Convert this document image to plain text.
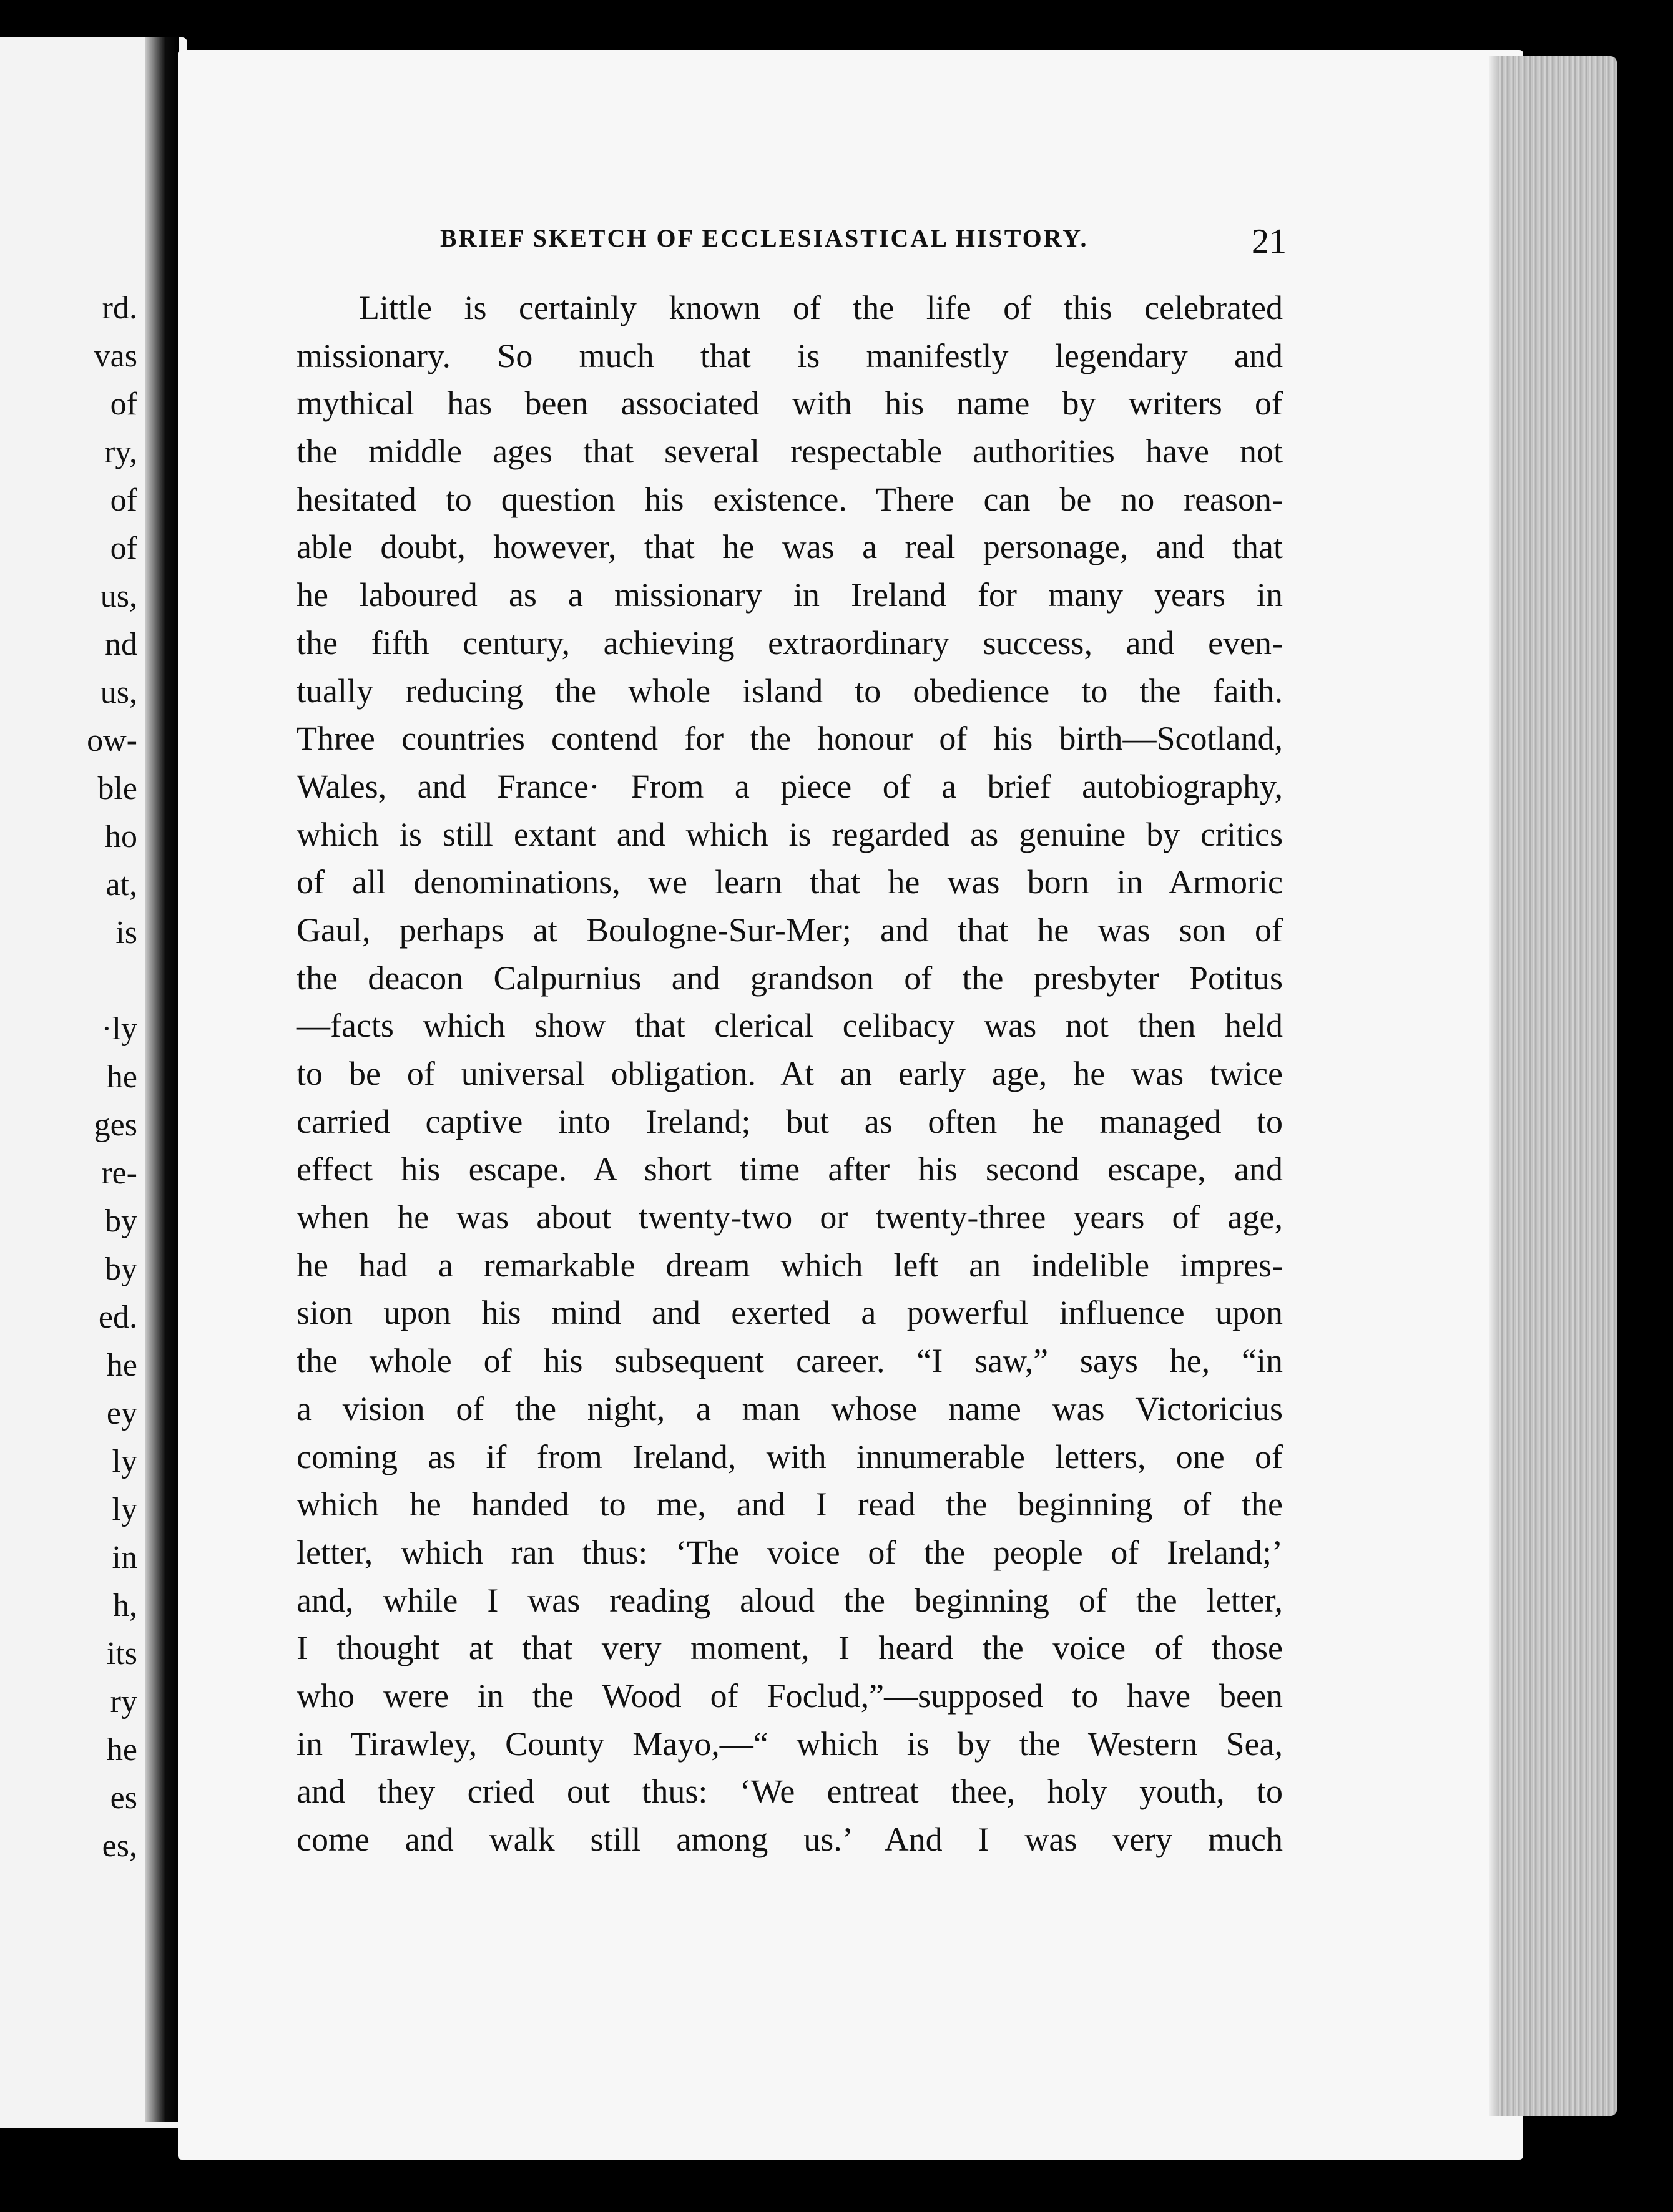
rd.
vas
of
ry,
of
of
us,
nd
us,
ow-
ble
ho
at,
is
·ly
he
ges
re-
by
by
ed.
he
ey
ly
ly
in
h,
its
ry
he
es
es,
BRIEF SKETCH OF ECCLESIASTICAL HISTORY.	21
Little is certainly known of the life of this celebrated
missionary. So much that is manifestly legendary and
mythical has been associated with his name by writers of
the middle ages that several respectable authorities have not
hesitated to question his existence. There can be no reason-
able doubt, however, that he was a real personage, and that
he laboured as a missionary in Ireland for many years in
the fifth century, achieving extraordinary success, and even-
tually reducing the whole island to obedience to the faith.
Three countries contend for the honour of his birth—Scotland,
Wales, and France· From a piece of a brief autobiography,
which is still extant and which is regarded as genuine by critics
of all denominations, we learn that he was born in Armoric
Gaul, perhaps at Boulogne-Sur-Mer; and that he was son of
the deacon Calpurnius and grandson of the presbyter Potitus
—facts which show that clerical celibacy was not then held
to be of universal obligation. At an early age, he was twice
carried captive into Ireland; but as often he managed to
effect his escape. A short time after his second escape, and
when he was about twenty-two or twenty-three years of age,
he had a remarkable dream which left an indelible impres-
sion upon his mind and exerted a powerful influence upon
the whole of his subsequent career. “I saw,” says he, “in
a vision of the night, a man whose name was Victoricius
coming as if from Ireland, with innumerable letters, one of
which he handed to me, and I read the beginning of the
letter, which ran thus: ‘The voice of the people of Ireland;’
and, while I was reading aloud the beginning of the letter,
I thought at that very moment, I heard the voice of those
who were in the Wood of Foclud,”—supposed to have been
in Tirawley, County Mayo,—“ which is by the Western Sea,
and they cried out thus: ‘We entreat thee, holy youth, to
come and walk still among us.’ And I was very much
